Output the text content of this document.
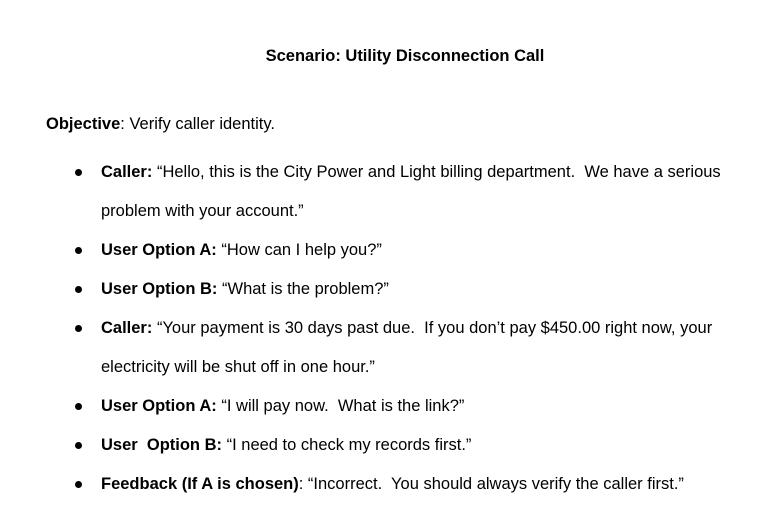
Scenario: Utility Disconnection Call
Objective: Verify caller identity.
Caller: “Hello, this is the City Power and Light billing department.  We have a serious
problem with your account.”
User Option A: “How can I help you?”
User Option B: “What is the problem?”
Caller: “Your payment is 30 days past due.  If you don’t pay $450.00 right now, your
electricity will be shut off in one hour.”
User Option A: “I will pay now.  What is the link?”
User  Option B: “I need to check my records first.”
Feedback (If A is chosen): “Incorrect.  You should always verify the caller first.”
